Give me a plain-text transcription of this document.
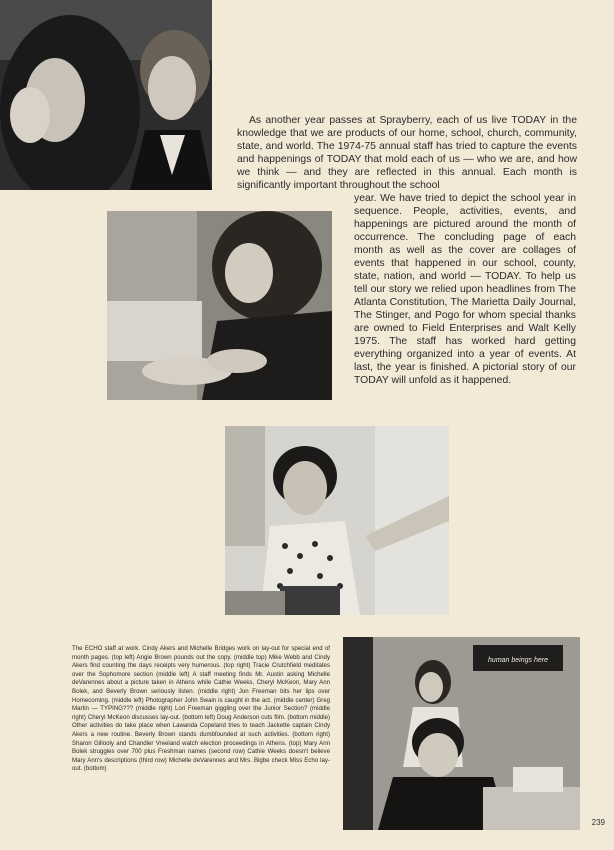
As another year passes at Sprayberry, each of us live TODAY in the knowledge that we are products of our home, school, church, community, state, and world. The 1974-75 annual staff has tried to capture the events and happenings of TODAY that mold each of us — who we are, and how we think — and they are reflected in this annual. Each month is significantly important throughout the school

year. We have tried to depict the school year in sequence. People, activities, events, and happenings are pictured around the month of occurrence. The concluding page of each month as well as the cover are collages of events that happened in our school, county, state, nation, and world — TODAY. To help us tell our story we relied upon headlines from The Atlanta Constitution, The Marietta Daily Journal, The Stinger, and Pogo for whom special thanks are owned to Field Enterprises and Walt Kelly 1975. The staff has worked hard getting everything organized into a year of events. At last, the year is finished. A pictorial story of our TODAY will unfold as it happened.

The ECHO staff at work. Cindy Akers and Michelle Bridges work on lay-out for special end of month pages. (top left) Angie Brown pounds out the copy. (middle top) Mike Webb and Cindy Akers find counting the days receipts very humerous. (top right) Tracie Crutchfield meditates over the Sophomore section (middle left) A staff meeting finds Mr. Austin asking Michelle deVarennes about a picture taken in Athens while Cathie Weeks, Cheryl McKeon, Mary Ann Bolek, and Beverly Brown seriously listen. (middle right) Jon Freeman bits her lips over Homecoming. (middle left) Photographer John Swain is caught in the act. (middle center) Greg Martin — TYPING??? (middle right) Lori Freeman giggling over the Junior Section? (middle right) Cheryl McKeon discusses lay-out. (bottom left) Doug Anderson cuts film. (bottom middle) Other activities do take place when Lawanda Copeland tries to teach Jackette captain Cindy Akers a new routine. Beverly Brown stands dumbfounded at such activities. (bottom right) Sharon Gillooly and Chandler Vreeland watch election proceedings in Athens. (top) Mary Ann Bolek struggles over 700 plus Freshman names (second row) Cathie Weeks doesn't believe Mary Ann's descriptions (third row) Michelle deVarennes and Mrs. Bigbe check Miss Echo lay-out. (bottom)

human beings here
239
